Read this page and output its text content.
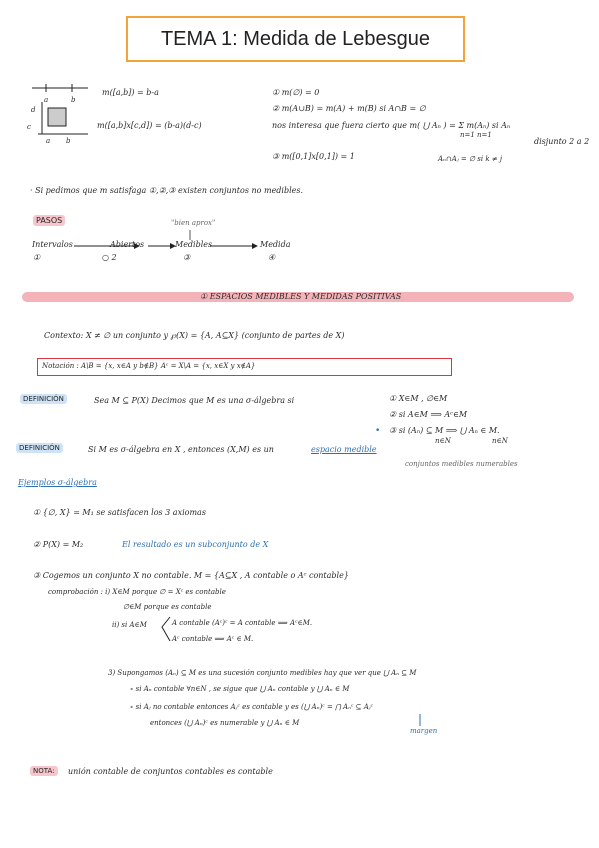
TEMA 1: Medida de Lebesgue
a	b
d
c
a b
m([a,b]) = b-a
m([a,b]x[c,d]) = (b-a)(d-c)
① m(∅) = 0
② m(A∪B) = m(A) + m(B) si A∩B = ∅
nos interesa que fuera cierto que m( ⋃ Aₙ ) = Σ m(Aₙ) si Aₙ
n=1 n=1
disjunto 2 a 2
③ m([0,1]x[0,1]) = 1	Aₙ∩Aⱼ = ∅ si k ≠ j
· Si pedimos que m satisfaga ①,②,③ existen conjuntos no medibles.
PASOS	"bien aprox"
Intervalos	Abiertos	Medibles	Medida
①	○ 2	③	④
① ESPACIOS MEDIBLES Y MEDIDAS POSITIVAS
Contexto: X ≠ ∅ un conjunto y ℘(X) = {A, A⊆X} (conjunto de partes de X)
Notación : A\B = {x, x∈A y b∉B} Aᶜ = X\A = {x, x∈X y x∉A}
DEFINICIÓN	Sea M ⊆ P(X) Decimos que M es una σ-álgebra si	① X∈M , ∅∈M
② si A∈M ⟹ Aᶜ∈M
• ③ si (Aₙ) ⊆ M ⟹ ⋃ Aₙ ∈ M.
n∈N	n∈N
conjuntos medibles numerables
DEFINICIÓN	Si M es σ-álgebra en X , entonces (X,M) es un	espacio medible
Ejemplos σ-álgebra
① {∅, X} = M₁ se satisfacen los 3 axiomas
② P(X) = M₂	El resultado es un subconjunto de X
③ Cogemos un conjunto X no contable. M = {A⊆X , A contable o Aᶜ contable}
comprobación : i) X∈M porque ∅ = Xᶜ es contable
∅∈M porque es contable
ii) si A∈M	A contable (Aᶜ)ᶜ = A contable ⟹ Aᶜ∈M.
Aᶜ contable ⟹ Aᶜ ∈ M.
3) Supongamos (Aₙ) ⊆ M es una sucesión conjunto medibles hay que ver que ⋃ Aₙ ⊆ M
∘ si Aₙ contable ∀n∈N , se sigue que ⋃ Aₙ contable y ⋃ Aₙ ∈ M
∘ si Aⱼ no contable entonces Aⱼᶜ es contable y es (⋃ Aₙ)ᶜ = ⋂ Aₙᶜ ⊆ Aⱼᶜ
entonces (⋃ Aₙ)ᶜ es numerable y ⋃ Aₙ ∈ M
margen
NOTA:	unión contable de conjuntos contables es contable
